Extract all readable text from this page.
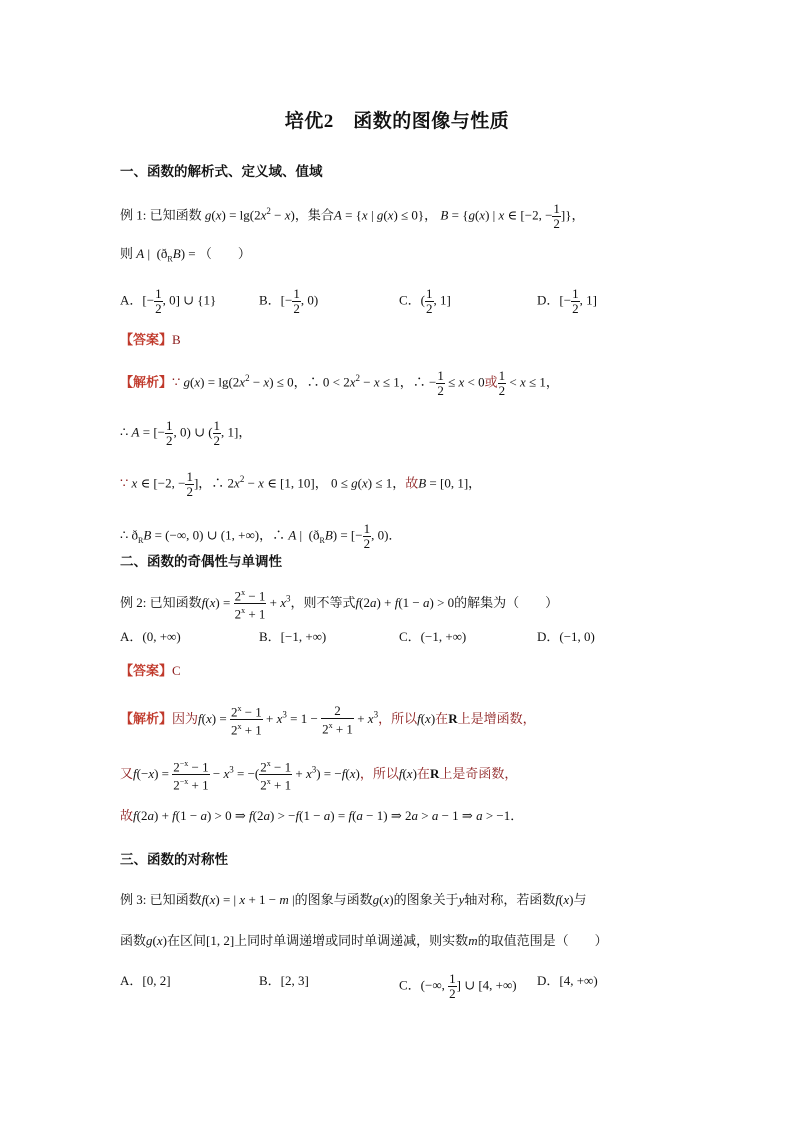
培优2　函数的图像与性质
一、函数的解析式、定义域、值域
例 1: 已知函数 $g(x) = \lg(2x^2 - x)$，集合A = {x | g(x) ≤ 0}， B = {g(x) | x ∈ [−2, − $\frac{1}{2}$ ]}，
则 A |  $(ð_RB)$ = （　　）
A．[− $\frac{1}{2}$ , 0] ∪ {1}	B．[− $\frac{1}{2}$ , 0)	C．( $\frac{1}{2}$ , 1]	D．[− $\frac{1}{2}$ , 1]
【答案】B
【解析】∵ $g(x) = \lg(2x^2 - x) \le 0$，∴ $0 < 2x^2 - x \le 1$，∴ − $\frac{1}{2} \le x < 0$或 $\frac{1}{2} < x \le 1$，
∴ A = [− $\frac{1}{2}$ , 0) ∪ ( $\frac{1}{2}$ , 1]，
∵ x ∈ [−2, − $\frac{1}{2}$ ]，∴ $2x^2 - x$ ∈ [1, 10]， 0 ≤ g(x) ≤ 1，故B = [0, 1]，
∴ $ð_RB$ = (−∞, 0) ∪ (1, +∞)，∴ A |  $(ð_RB)$ = [− $\frac{1}{2}$ , 0)．
二、函数的奇偶性与单调性
例 2: 已知函数$f(x) = \frac{2^x - 1}{2^x + 1} + x^3$，则不等式f(2a) + f(1 − a) > 0的解集为（　　）
A．(0, +∞)	B．[−1, +∞)	C．(−1, +∞)	D．(−1, 0)
【答案】C
【解析】因为$f(x) = \frac{2^x - 1}{2^x + 1} + x^3 = 1 - \frac{2}{2^x + 1} + x^3$，所以f(x)在R上是增函数，
又$f(-x) = \frac{2^{-x} - 1}{2^{-x} + 1} - x^3$ = −( $\frac{2^x - 1}{2^x + 1} + x^3) = -f(x)$，所以f(x)在R上是奇函数，
故f(2a) + f(1 − a) > 0 ⇒ f(2a) > −f(1 − a) = f(a − 1) ⇒ 2a > a − 1 ⇒ a > −1．
三、函数的对称性
例 3: 已知函数f(x) = | x + 1 − m |的图象与函数g(x)的图象关于y轴对称，若函数f(x)与
函数g(x)在区间[1, 2]上同时单调递增或同时单调递减，则实数m的取值范围是（　　）
A．[0, 2]	B．[2, 3]	C．(−∞, $\frac{1}{2}$ ] ∪ [4, +∞) D．[4, +∞)
